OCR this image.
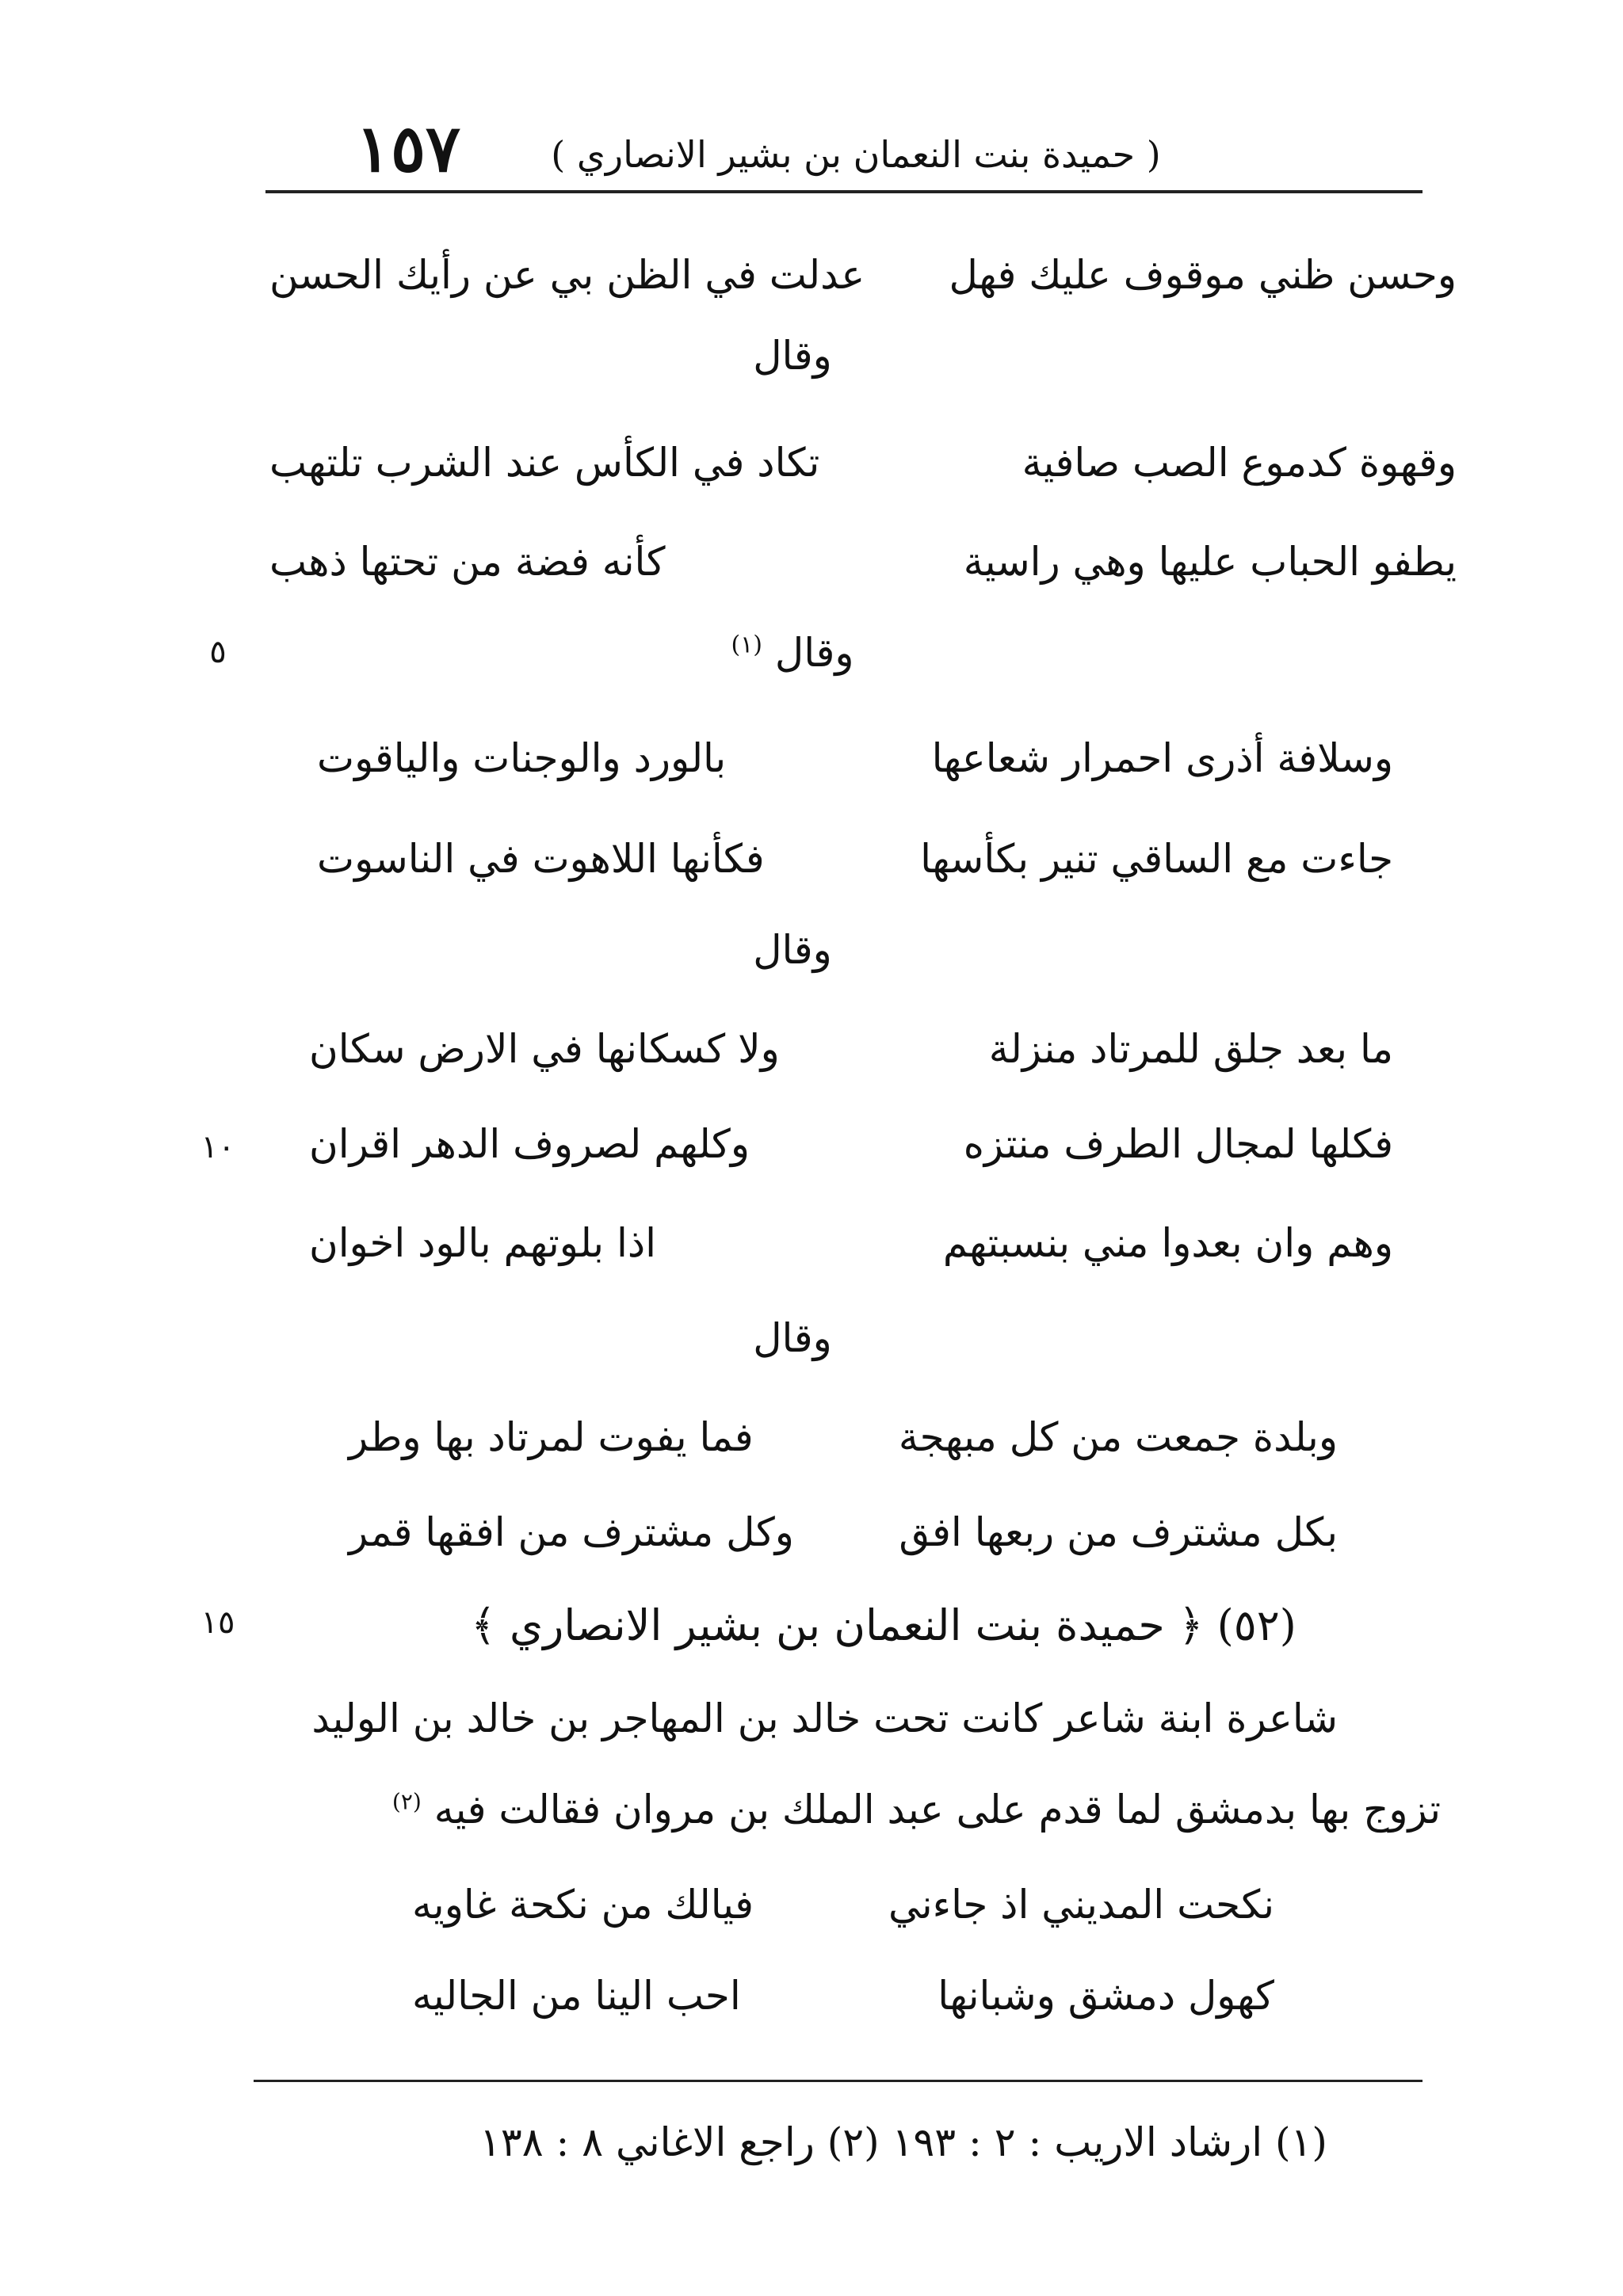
١٥٧	( حميدة بنت النعمان بن بشير الانصاري )
وحسن ظني موقوف عليك فهل
عدلت في الظن بي عن رأيك الحسن
وقال
وقهوة كدموع الصب صافية
تكاد في الكأس عند الشرب تلتهب
يطفو الحباب عليها وهي راسية
كأنه فضة من تحتها ذهب
وقال $^{(١)}$
٥
وسلافة أذرى احمرار شعاعها
بالورد والوجنات والياقوت
جاءت مع الساقي تنير بكأسها
فكأنها اللاهوت في الناسوت
وقال
ما بعد جلق للمرتاد منزلة
ولا كسكانها في الارض سكان
فكلها لمجال الطرف منتزه
وكلهم لصروف الدهر اقران
١٠
وهم وان بعدوا مني بنسبتهم
اذا بلوتهم بالود اخوان
وقال
وبلدة جمعت من كل مبهجة
فما يفوت لمرتاد بها وطر
بكل مشترف من ربعها افق
وكل مشترف من افقها قمر
(٥٢) ﴿ حميدة بنت النعمان بن بشير الانصاري ﴾
١٥
شاعرة ابنة شاعر كانت تحت خالد بن المهاجر بن خالد بن الوليد
تزوج بها بدمشق لما قدم على عبد الملك بن مروان فقالت فيه $^{(٢)}$
نكحت المديني اذ جاءني
فيالك من نكحة غاويه
كهول دمشق وشبانها
احب الينا من الجاليه
(١) ارشاد الاريب : ٢ : ١٩٣ (٢) راجع الاغاني ٨ : ١٣٨
